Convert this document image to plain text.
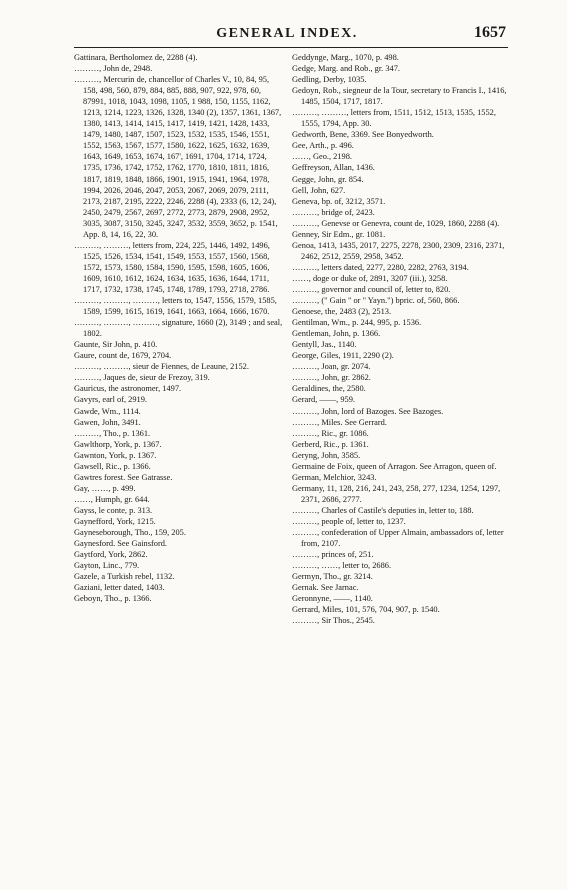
GENERAL INDEX.	1657

Gattinara, Bertholomez de, 2288 (4).

………, John de, 2948.

………, Mercurin de, chancellor of Charles V., 10, 84, 95, 158, 498, 560, 879, 884, 885, 888, 907, 922, 978, 60, 87991, 1018, 1043, 1098, 1105, 1 988, 150, 1155, 1162, 1213, 1214, 1223, 1326, 1328, 1340 (2), 1357, 1361, 1367, 1380, 1413, 1414, 1415, 1417, 1419, 1421, 1428, 1433, 1479, 1480, 1487, 1507, 1523, 1532, 1535, 1546, 1551, 1552, 1563, 1567, 1577, 1580, 1622, 1625, 1632, 1639, 1643, 1649, 1653, 1674, 167', 1691, 1704, 1714, 1724, 1735, 1736, 1742, 1752, 1762, 1770, 1810, 1811, 1816, 1817, 1819, 1848, 1866, 1901, 1915, 1941, 1964, 1978, 1994, 2026, 2046, 2047, 2053, 2067, 2069, 2079, 2111, 2173, 2187, 2195, 2222, 2246, 2288 (4), 2333 (6, 12, 24), 2450, 2479, 2567, 2697, 2772, 2773, 2879, 2908, 2952, 3035, 3087, 3150, 3245, 3247, 3532, 3559, 3652, p. 1541, App. 8, 14, 16, 22, 30.

………, ………, letters from, 224, 225, 1446, 1492, 1496, 1525, 1526, 1534, 1541, 1549, 1553, 1557, 1560, 1568, 1572, 1573, 1580, 1584, 1590, 1595, 1598, 1605, 1606, 1609, 1610, 1612, 1624, 1634, 1635, 1636, 1644, 1711, 1717, 1732, 1738, 1745, 1748, 1789, 1793, 2718, 2786.

………, ………, ………, letters to, 1547, 1556, 1579, 1585, 1589, 1599, 1615, 1619, 1641, 1663, 1664, 1666, 1670.

………, ………, ………, signature, 1660 (2), 3149 ; and seal, 1802.

Gaunte, Sir John, p. 410.

Gaure, count de, 1679, 2704.

………, ………, sieur de Fiennes, de Leaune, 2152.

………, Jaques de, sieur de Frezoy, 319.

Gauricus, the astronomer, 1497.

Gavyrs, earl of, 2919.

Gawde, Wm., 1114.

Gawen, John, 3491.

………, Tho., p. 1361.

Gawlthorp, York, p. 1367.

Gawnton, York, p. 1367.

Gawsell, Ric., p. 1366.

Gawtres forest. See Gatrasse.

Gay, ……, p. 499.

……, Humph, gr. 644.

Gayss, le conte, p. 313.

Gaynefford, York, 1215.

Gayneseborough, Tho., 159, 205.

Gaynesford. See Gainsford.

Gaytford, York, 2862.

Gayton, Linc., 779.

Gazele, a Turkish rebel, 1132.

Gaziani, letter dated, 1403.

Geboyn, Tho., p. 1366.

Geddynge, Marg., 1070, p. 498.

Gedge, Marg. and Rob., gr. 347.

Gedling, Derby, 1035.

Gedoyn, Rob., siegneur de la Tour, secretary to Francis I., 1416, 1485, 1504, 1717, 1817.

………, ………, letters from, 1511, 1512, 1513, 1535, 1552, 1555, 1794, App. 30.

Gedworth, Bene, 3369. See Bonyedworth.

Gee, Arth., p. 496.

……, Geo., 2198.

Geffreyson, Allan, 1436.

Gegge, John, gr. 854.

Gell, John, 627.

Geneva, bp. of, 3212, 3571.

………, bridge of, 2423.

………, Genevse or Genevra, count de, 1029, 1860, 2288 (4).

Genney, Sir Edm., gr. 1081.

Genoa, 1413, 1435, 2017, 2275, 2278, 2300, 2309, 2316, 2371, 2462, 2512, 2559, 2958, 3452.

………, letters dated, 2277, 2280, 2282, 2763, 3194.

……, doge or duke of, 2891, 3207 (iii.), 3258.

………, governor and council of, letter to, 820.

………, (" Gain " or " Yayn.") bpric. of, 560, 866.

Genoese, the, 2483 (2), 2513.

Gentilman, Wm., p. 244, 995, p. 1536.

Gentleman, John, p. 1366.

Gentyll, Jas., 1140.

George, Giles, 1911, 2290 (2).

………, Joan, gr. 2074.

………, John, gr. 2862.

Geraldines, the, 2580.

Gerard, ——, 959.

………, John, lord of Bazoges. See Bazoges.

………, Miles. See Gerrard.

………, Ric., gr. 1086.

Gerberd, Ric., p. 1361.

Geryng, John, 3585.

Germaine de Foix, queen of Arragon. See Arragon, queen of.

German, Melchior, 3243.

Germany, 11, 128, 216, 241, 243, 258, 277, 1234, 1254, 1297, 2371, 2686, 2777.

………, Charles of Castile's deputies in, letter to, 188.

………, people of, letter to, 1237.

………, confederation of Upper Almain, ambassadors of, letter from, 2107.

………, princes of, 251.

………, ……, letter to, 2686.

Germyn, Tho., gr. 3214.

Gernak. See Jarnac.

Geronnyne, ——, 1140.

Gerrard, Miles, 101, 576, 704, 907, p. 1540.

………, Sir Thos., 2545.
